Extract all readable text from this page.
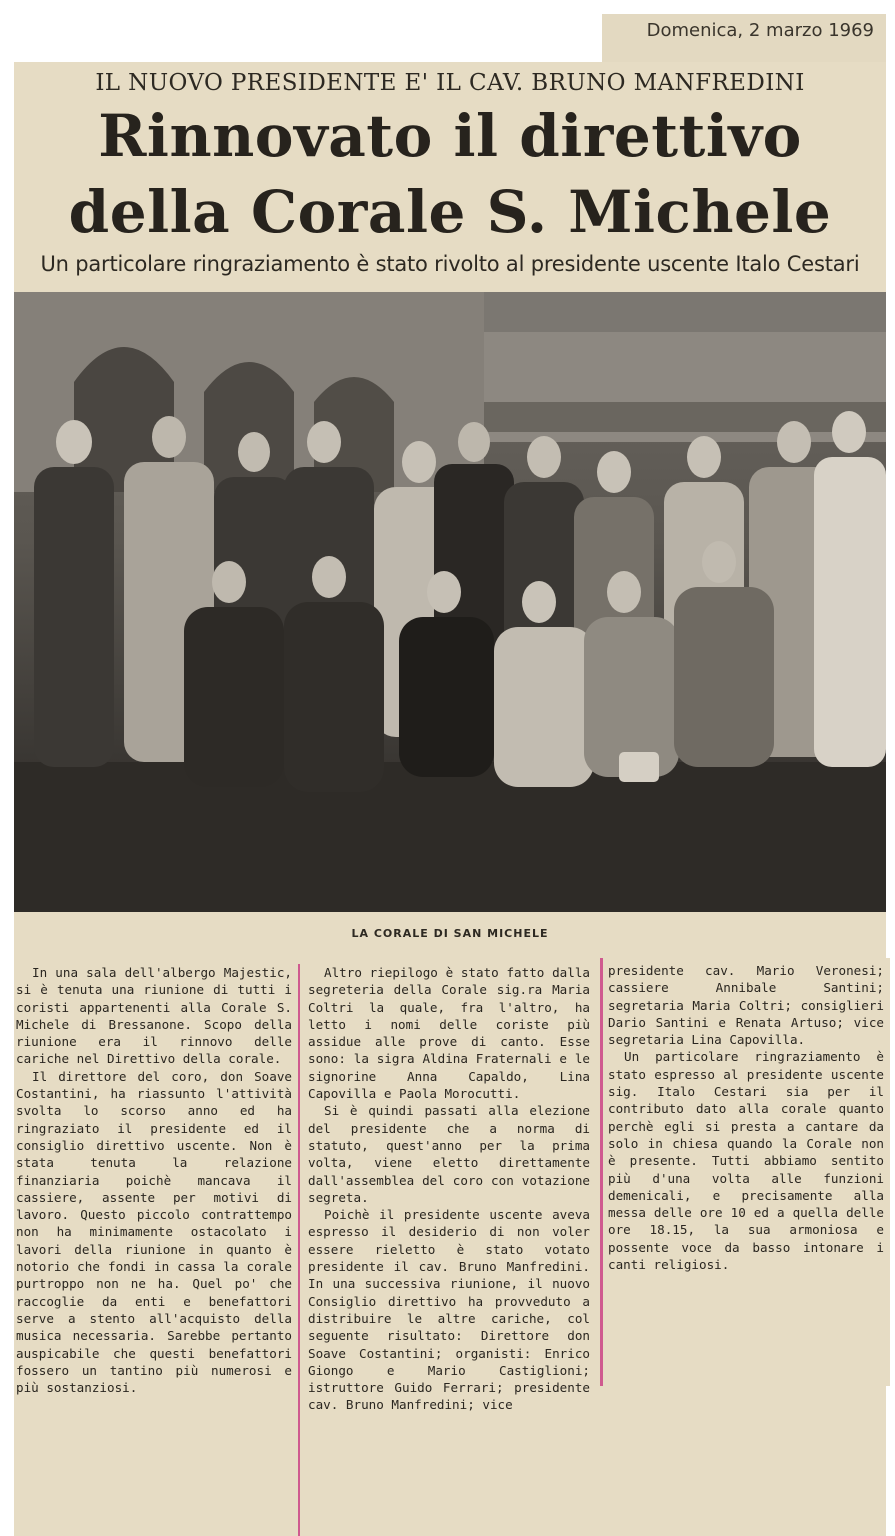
Domenica, 2 marzo 1969
IL NUOVO PRESIDENTE E' IL CAV. BRUNO MANFREDINI
Rinnovato il direttivo
della Corale S. Michele
Un particolare ringraziamento è stato rivolto al presidente uscente Italo Cestari
LA CORALE DI SAN MICHELE

In una sala dell'albergo Majestic, si è tenuta una riunione di tutti i coristi appartenenti alla Corale S. Michele di Bressanone. Scopo della riunione era il rinnovo delle cariche nel Direttivo della corale.

Il direttore del coro, don Soave Costantini, ha riassunto l'attività svolta lo scorso anno ed ha ringraziato il presidente ed il consiglio direttivo uscente. Non è stata tenuta la relazione finanziaria poichè mancava il cassiere, assente per motivi di lavoro. Questo piccolo contrattempo non ha minimamente ostacolato i lavori della riunione in quanto è notorio che fondi in cassa la corale purtroppo non ne ha. Quel po' che raccoglie da enti e benefattori serve a stento all'acquisto della musica necessaria. Sarebbe pertanto auspicabile che questi benefattori fossero un tantino più numerosi e più sostanziosi.

Altro riepilogo è stato fatto dalla segreteria della Corale sig.ra Maria Coltri la quale, fra l'altro, ha letto i nomi delle coriste più assidue alle prove di canto. Esse sono: la sigra Aldina Fraternali e le signorine Anna Capaldo, Lina Capovilla e Paola Morocutti.

Si è quindi passati alla elezione del presidente che a norma di statuto, quest'anno per la prima volta, viene eletto direttamente dall'assemblea del coro con votazione segreta.

Poichè il presidente uscente aveva espresso il desiderio di non voler essere rieletto è stato votato presidente il cav. Bruno Manfredini. In una successiva riunione, il nuovo Consiglio direttivo ha provveduto a distribuire le altre cariche, col seguente risultato: Direttore don Soave Costantini; organisti: Enrico Giongo e Mario Castiglioni; istruttore Guido Ferrari; presidente cav. Bruno Manfredini; vice

presidente cav. Mario Veronesi; cassiere Annibale Santini; segretaria Maria Coltri; consiglieri Dario Santini e Renata Artuso; vice segretaria Lina Capovilla.

Un particolare ringraziamento è stato espresso al presidente uscente sig. Italo Cestari sia per il contributo dato alla corale quanto perchè egli si presta a cantare da solo in chiesa quando la Corale non è presente. Tutti abbiamo sentito più d'una volta alle funzioni demenicali, e precisamente alla messa delle ore 10 ed a quella delle ore 18.15, la sua armoniosa e possente voce da basso intonare i canti religiosi.
